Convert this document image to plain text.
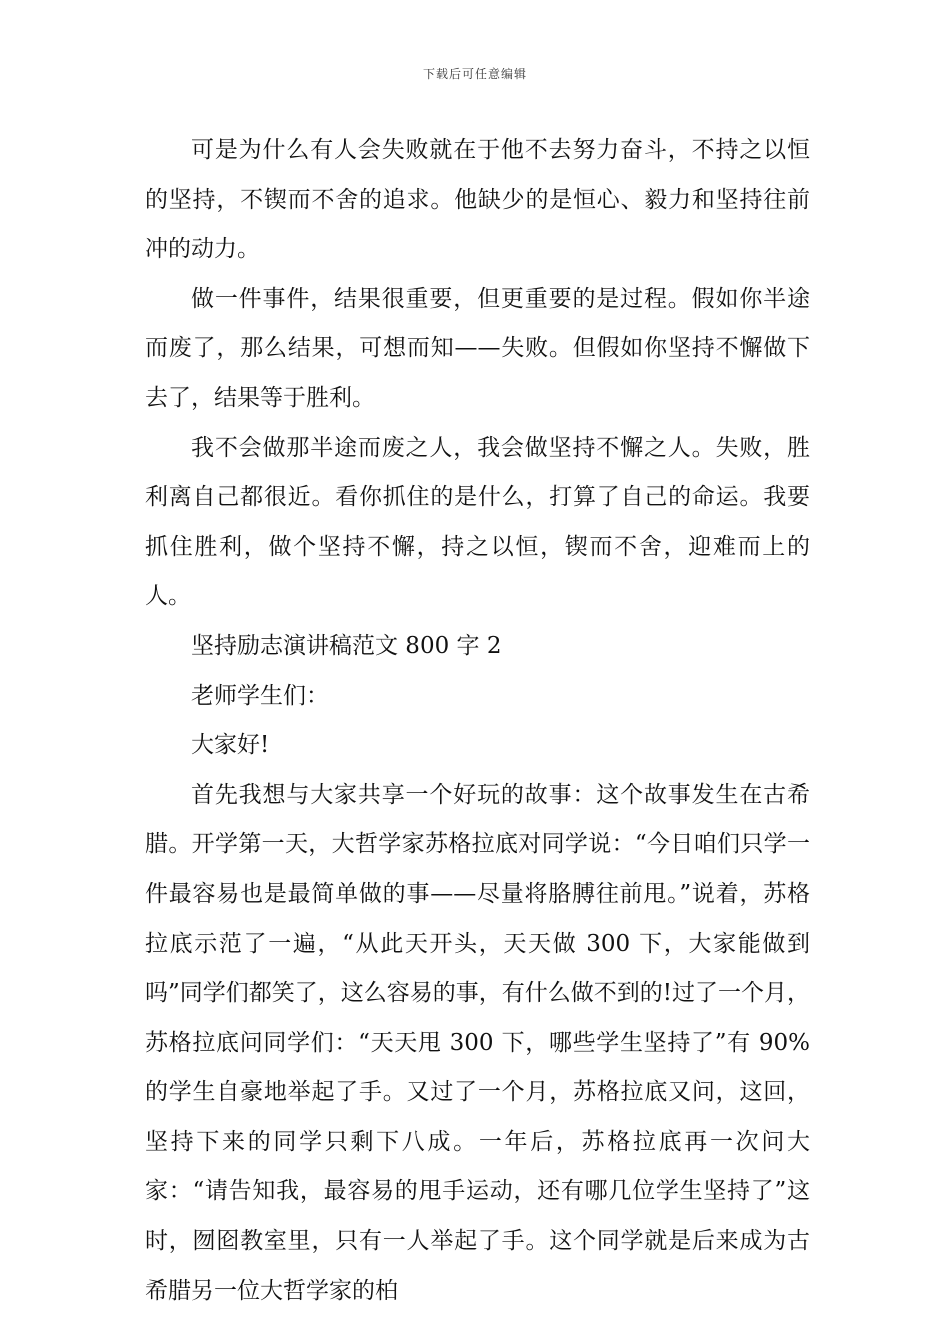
下载后可任意编辑

可是为什么有人会失败就在于他不去努力奋斗，不持之以恒的坚持，不锲而不舍的追求。他缺少的是恒心、毅力和坚持往前冲的动力。

做一件事件，结果很重要，但更重要的是过程。假如你半途而废了，那么结果，可想而知——失败。但假如你坚持不懈做下去了，结果等于胜利。

我不会做那半途而废之人，我会做坚持不懈之人。失败，胜利离自己都很近。看你抓住的是什么，打算了自己的命运。我要抓住胜利，做个坚持不懈，持之以恒，锲而不舍，迎难而上的人。

坚持励志演讲稿范文 800 字 2

老师学生们：

大家好!

首先我想与大家共享一个好玩的故事：这个故事发生在古希腊。开学第一天，大哲学家苏格拉底对同学说：“今日咱们只学一件最容易也是最简单做的事——尽量将胳膊往前甩。”说着，苏格拉底示范了一遍，“从此天开头，天天做 300 下，大家能做到吗”同学们都笑了，这么容易的事，有什么做不到的!过了一个月，苏格拉底问同学们：“天天甩 300 下，哪些学生坚持了”有 90%的学生自豪地举起了手。又过了一个月，苏格拉底又问，这回，坚持下来的同学只剩下八成。一年后，苏格拉底再一次问大家：“请告知我，最容易的甩手运动，还有哪几位学生坚持了”这时，囫囵教室里，只有一人举起了手。这个同学就是后来成为古希腊另一位大哲学家的柏
